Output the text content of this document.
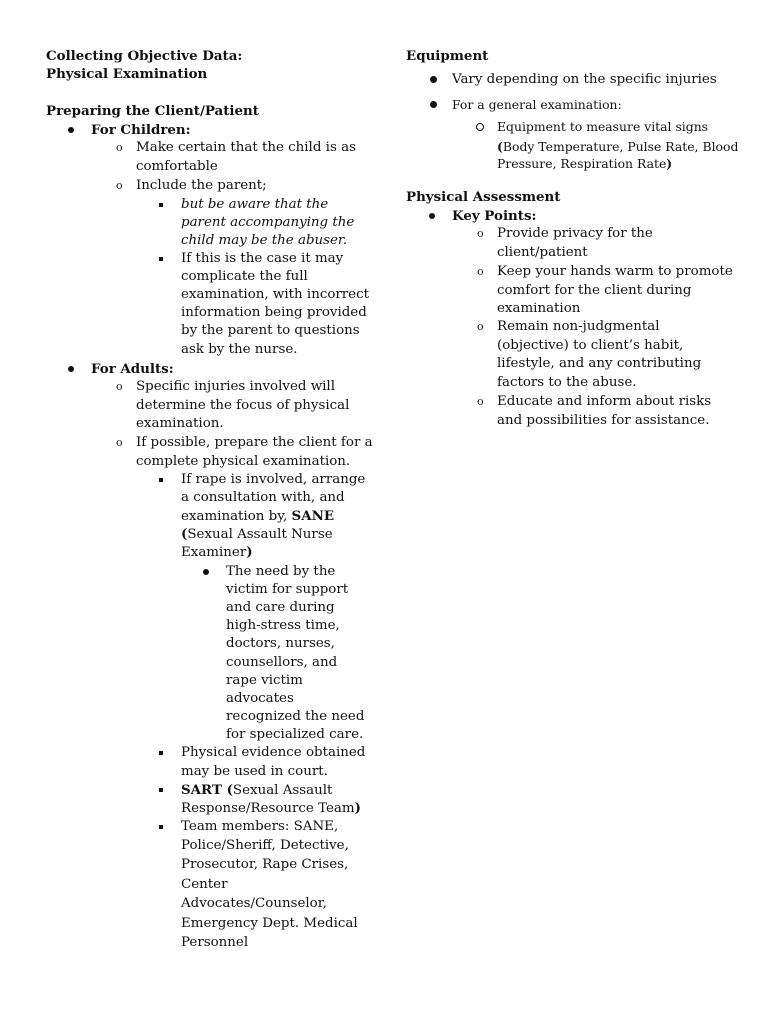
Collecting Objective Data:
Physical Examination
Preparing the Client/Patient
For Children:
o Make certain that the child is as
comfortable
o Include the parent;
but be aware that the
parent accompanying the
child may be the abuser.
If this is the case it may
complicate the full
examination, with incorrect
information being provided
by the parent to questions
ask by the nurse.
For Adults:
o Specific injuries involved will
determine the focus of physical
examination.
o If possible, prepare the client for a
complete physical examination.
If rape is involved, arrange
a consultation with, and
examination by, SANE
(Sexual Assault Nurse
Examiner)
The need by the
victim for support
and care during
high-stress time,
doctors, nurses,
counsellors, and
rape victim
advocates
recognized the need
for specialized care.
Physical evidence obtained
may be used in court.
SART (Sexual Assault
Response/Resource Team)
Team members: SANE,
Police/Sheriff, Detective,
Prosecutor, Rape Crises,
Center
Advocates/Counselor,
Emergency Dept. Medical
Personnel
Equipment
Vary depending on the specific injuries
For a general examination:
Equipment to measure vital signs
(Body Temperature, Pulse Rate, Blood
Pressure, Respiration Rate)
Physical Assessment
Key Points:
o Provide privacy for the
client/patient
o Keep your hands warm to promote
comfort for the client during
examination
o Remain non-judgmental
(objective) to client’s habit,
lifestyle, and any contributing
factors to the abuse.
o Educate and inform about risks
and possibilities for assistance.
